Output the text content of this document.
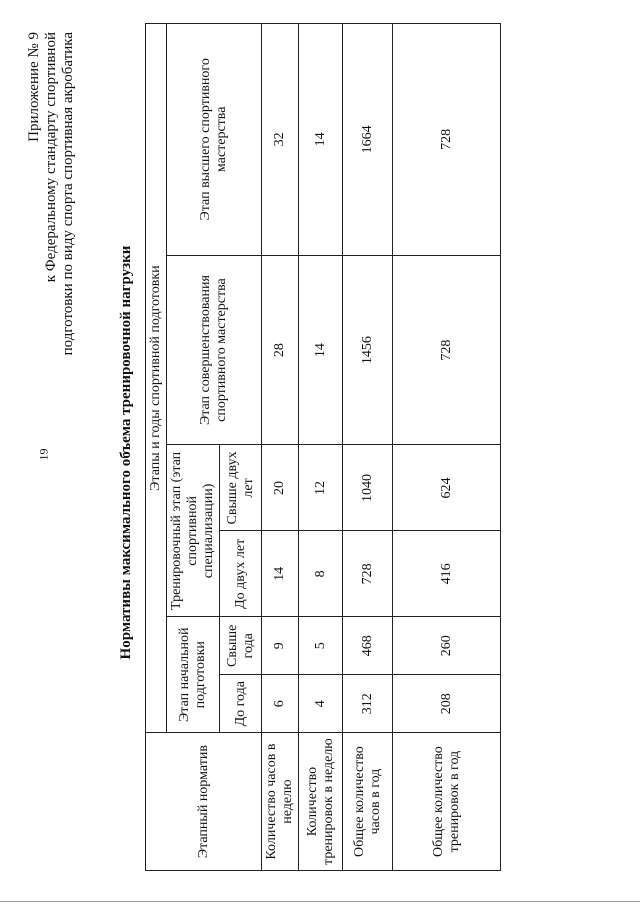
19
Приложение № 9 к Федеральному стандарту спортивной подготовки по виду спорта спортивная акробатика
Нормативы максимального объема тренировочной нагрузки
Этапный норматив	Этапы и годы спортивной подготовки					
	Этап начальной подготовки		Тренировочный этап (этап спортивной специализации)		Этап совершенствования спортивного мастерства	Этап высшего спортивного мастерства
	До года	Свыше года	До двух лет	Свыше двух лет		
Количество часов в неделю	6	9	14	20	28	32
Количество тренировок в неделю	4	5	8	12	14	14
Общее количество часов в год	312	468	728	1040	1456	1664
Общее количество тренировок в год	208	260	416	624	728	728
